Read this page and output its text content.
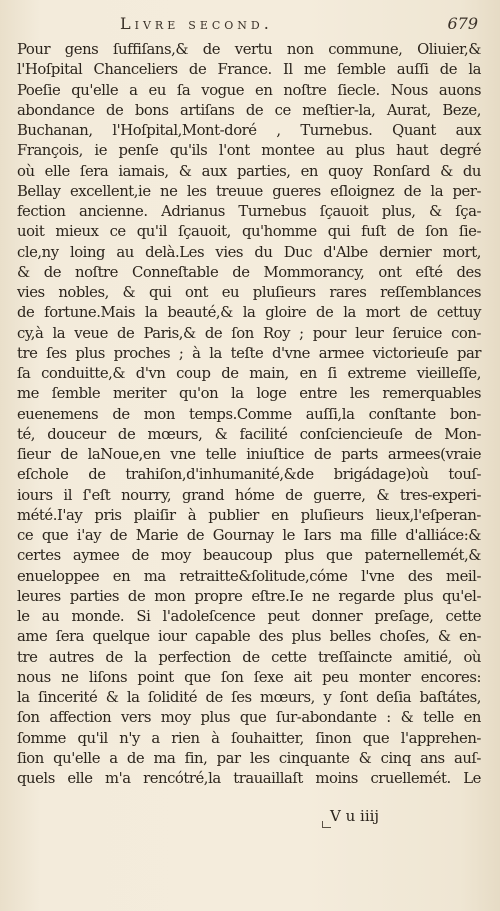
Livre second.	679
Pour gens ſuffiſans,& de vertu non commune, Oliuier,&
l'Hoſpital Chanceliers de France. Il me ſemble auſſi de la
Poeſie qu'elle a eu ſa vogue en noſtre ſiecle. Nous auons
abondance de bons artiſans de ce meſtier-la, Aurat, Beze,
Buchanan, l'Hoſpital,Mont-doré , Turnebus. Quant aux
François, ie penſe qu'ils l'ont montee au plus haut degré
où elle ſera iamais, & aux parties, en quoy Ronſard & du
Bellay excellent,ie ne les treuue gueres eſloignez de la per-
fection ancienne. Adrianus Turnebus ſçauoit plus, & ſça-
uoit mieux ce qu'il ſçauoit, qu'homme qui fuſt de ſon ſie-
cle,ny loing au delà.Les vies du Duc d'Albe dernier mort,
& de noſtre Conneſtable de Mommorancy, ont eſté des
vies nobles, & qui ont eu pluſieurs rares reſſemblances
de fortune.Mais la beauté,& la gloire de la mort de cettuy
cy,à la veue de Paris,& de ſon Roy ; pour leur ſeruice con-
tre ſes plus proches ; à la teſte d'vne armee victorieuſe par
ſa conduitte,& d'vn coup de main, en ſi extreme vieilleſſe,
me ſemble meriter qu'on la loge entre les remerquables
euenemens de mon temps.Comme auſſi,la conſtante bon-
té, douceur de mœurs, & facilité conſcienciеuſe de Mon-
ſieur de laNoue,en vne telle iniuſtice de parts armees(vraie
eſchole de trahiſon,d'inhumanité,&de brigádage)où touſ-
iours il ſ'eſt nourry, grand hóme de guerre, & tres-experi-
mété.I'ay pris plaiſir à publier en pluſieurs lieux,l'eſperan-
ce que i'ay de Marie de Gournay le Iars ma fille d'alliáce:&
certes aymee de moy beaucoup plus que paternellemét,&
enueloppee en ma retraitte&ſolitude,cóme l'vne des meil-
leures parties de mon propre eſtre.Ie ne regarde plus qu'el-
le au monde. Si l'adoleſcence peut donner preſage, cette
ame ſera quelque iour capable des plus belles choſes, & en-
tre autres de la perfection de cette treſſaincte amitié, où
nous ne liſons point que ſon ſexe ait peu monter encores:
la ſincerité & la ſolidité de ſes mœurs, y ſont deſia baſtátes,
ſon affection vers moy plus que ſur-abondante : & telle en
ſomme qu'il n'y a rien à ſouhaitter, ſinon que l'apprehen-
ſion qu'elle a de ma fin, par les cinquante & cinq ans auſ-
quels elle m'a rencótré,la trauaillaſt moins cruellemét. Le
V u iiij
